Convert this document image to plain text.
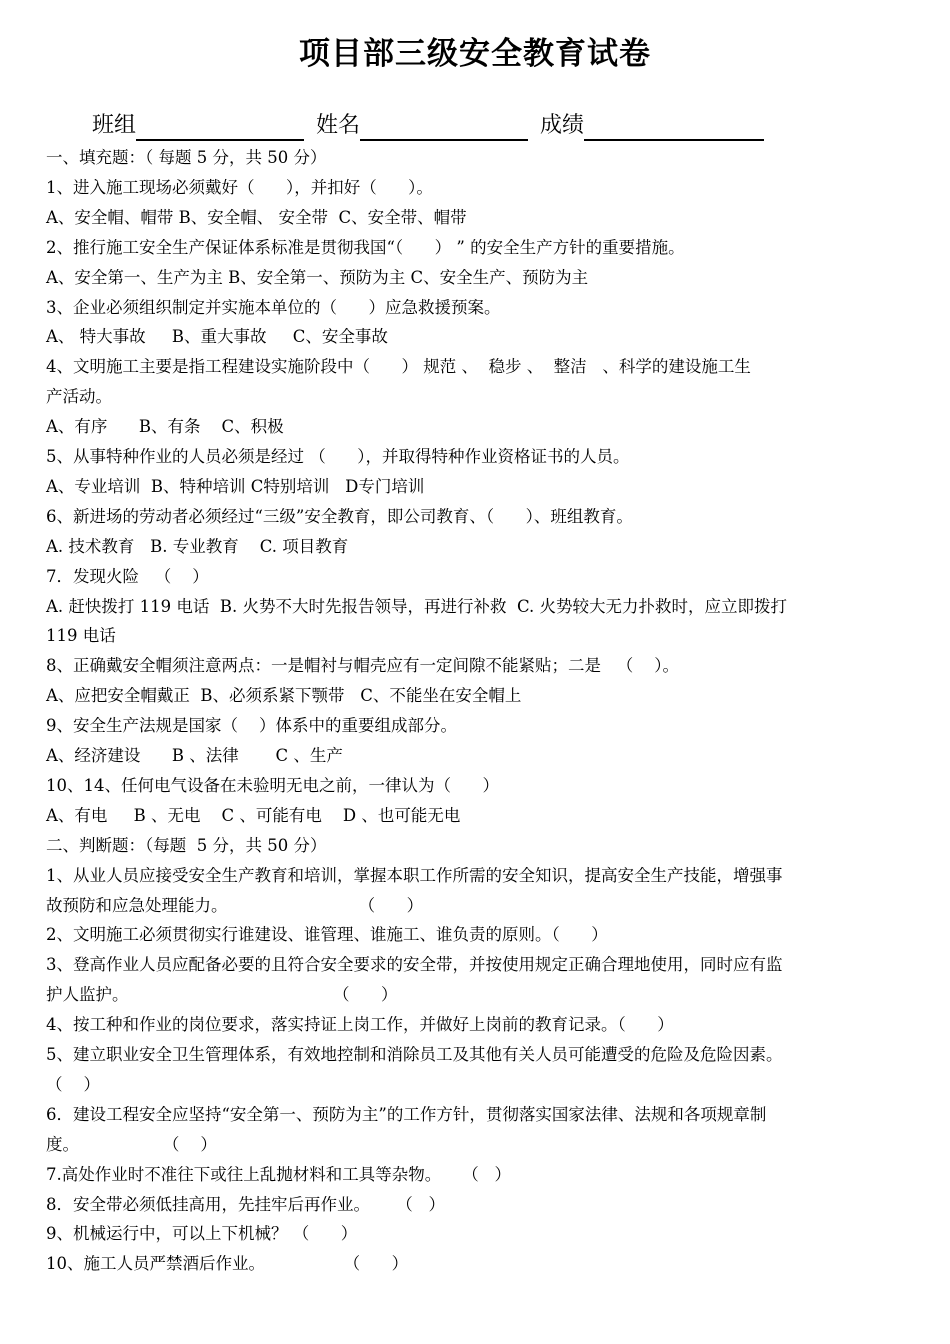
项目部三级安全教育试卷
班组	姓名	成绩
一、填充题：（ 每题 5 分，共 50 分）
1、进入施工现场必须戴好（      ），并扣好（      ）。
A、安全帽、帽带 B、安全帽、 安全带  C、安全带、帽带
2、推行施工安全生产保证体系标准是贯彻我国“（      ） ” 的安全生产方针的重要措施。
A、安全第一、生产为主 B、安全第一、预防为主 C、安全生产、预防为主
3、企业必须组织制定并实施本单位的（      ）应急救援预案。
A、 特大事故     B、重大事故     C、安全事故
4、文明施工主要是指工程建设实施阶段中（      ） 规范 、  稳步 、  整洁   、科学的建设施工生
产活动。
A、有序      B、有条    C、积极
5、从事特种作业的人员必须是经过 （      ），并取得特种作业资格证书的人员。
A、专业培训  B、特种培训 C特别培训   D专门培训
6、新进场的劳动者必须经过“三级”安全教育，即公司教育、（      ）、班组教育。
A. 技术教育   B. 专业教育    C. 项目教育
7．发现火险   （    ）
A. 赶快拨打 119 电话  B. 火势不大时先报告领导，再进行补救  C. 火势较大无力扑救时，应立即拨打
119 电话
8、正确戴安全帽须注意两点：一是帽衬与帽壳应有一定间隙不能紧贴；二是   （    ）。
A、应把安全帽戴正  B、必须系紧下颚带   C、不能坐在安全帽上
9、安全生产法规是国家（    ）体系中的重要组成部分。
A、经济建设      B 、法律       C 、生产
10、14、任何电气设备在未验明无电之前，一律认为（      ）
A、有电     B 、无电    C 、可能有电    D 、也可能无电
二、判断题：（每题  5 分，共 50 分）
1、从业人员应接受安全生产教育和培训，掌握本职工作所需的安全知识，提高安全生产技能，增强事
故预防和应急处理能力。                         （      ）
2、文明施工必须贯彻实行谁建设、谁管理、谁施工、谁负责的原则。（      ）
3、登高作业人员应配备必要的且符合安全要求的安全带，并按使用规定正确合理地使用，同时应有监
护人监护。                                       （      ）
4、按工种和作业的岗位要求，落实持证上岗工作，并做好上岗前的教育记录。（      ）
5、建立职业安全卫生管理体系，有效地控制和消除员工及其他有关人员可能遭受的危险及危险因素。
（    ）
6．建设工程安全应坚持“安全第一、预防为主”的工作方针，贯彻落实国家法律、法规和各项规章制
度。                （    ）
7.高处作业时不准往下或往上乱抛材料和工具等杂物。    （   ）
8．安全带必须低挂高用，先挂牢后再作业。     （   ）
9、机械运行中，可以上下机械？ （      ）
10、施工人员严禁酒后作业。               （      ）
